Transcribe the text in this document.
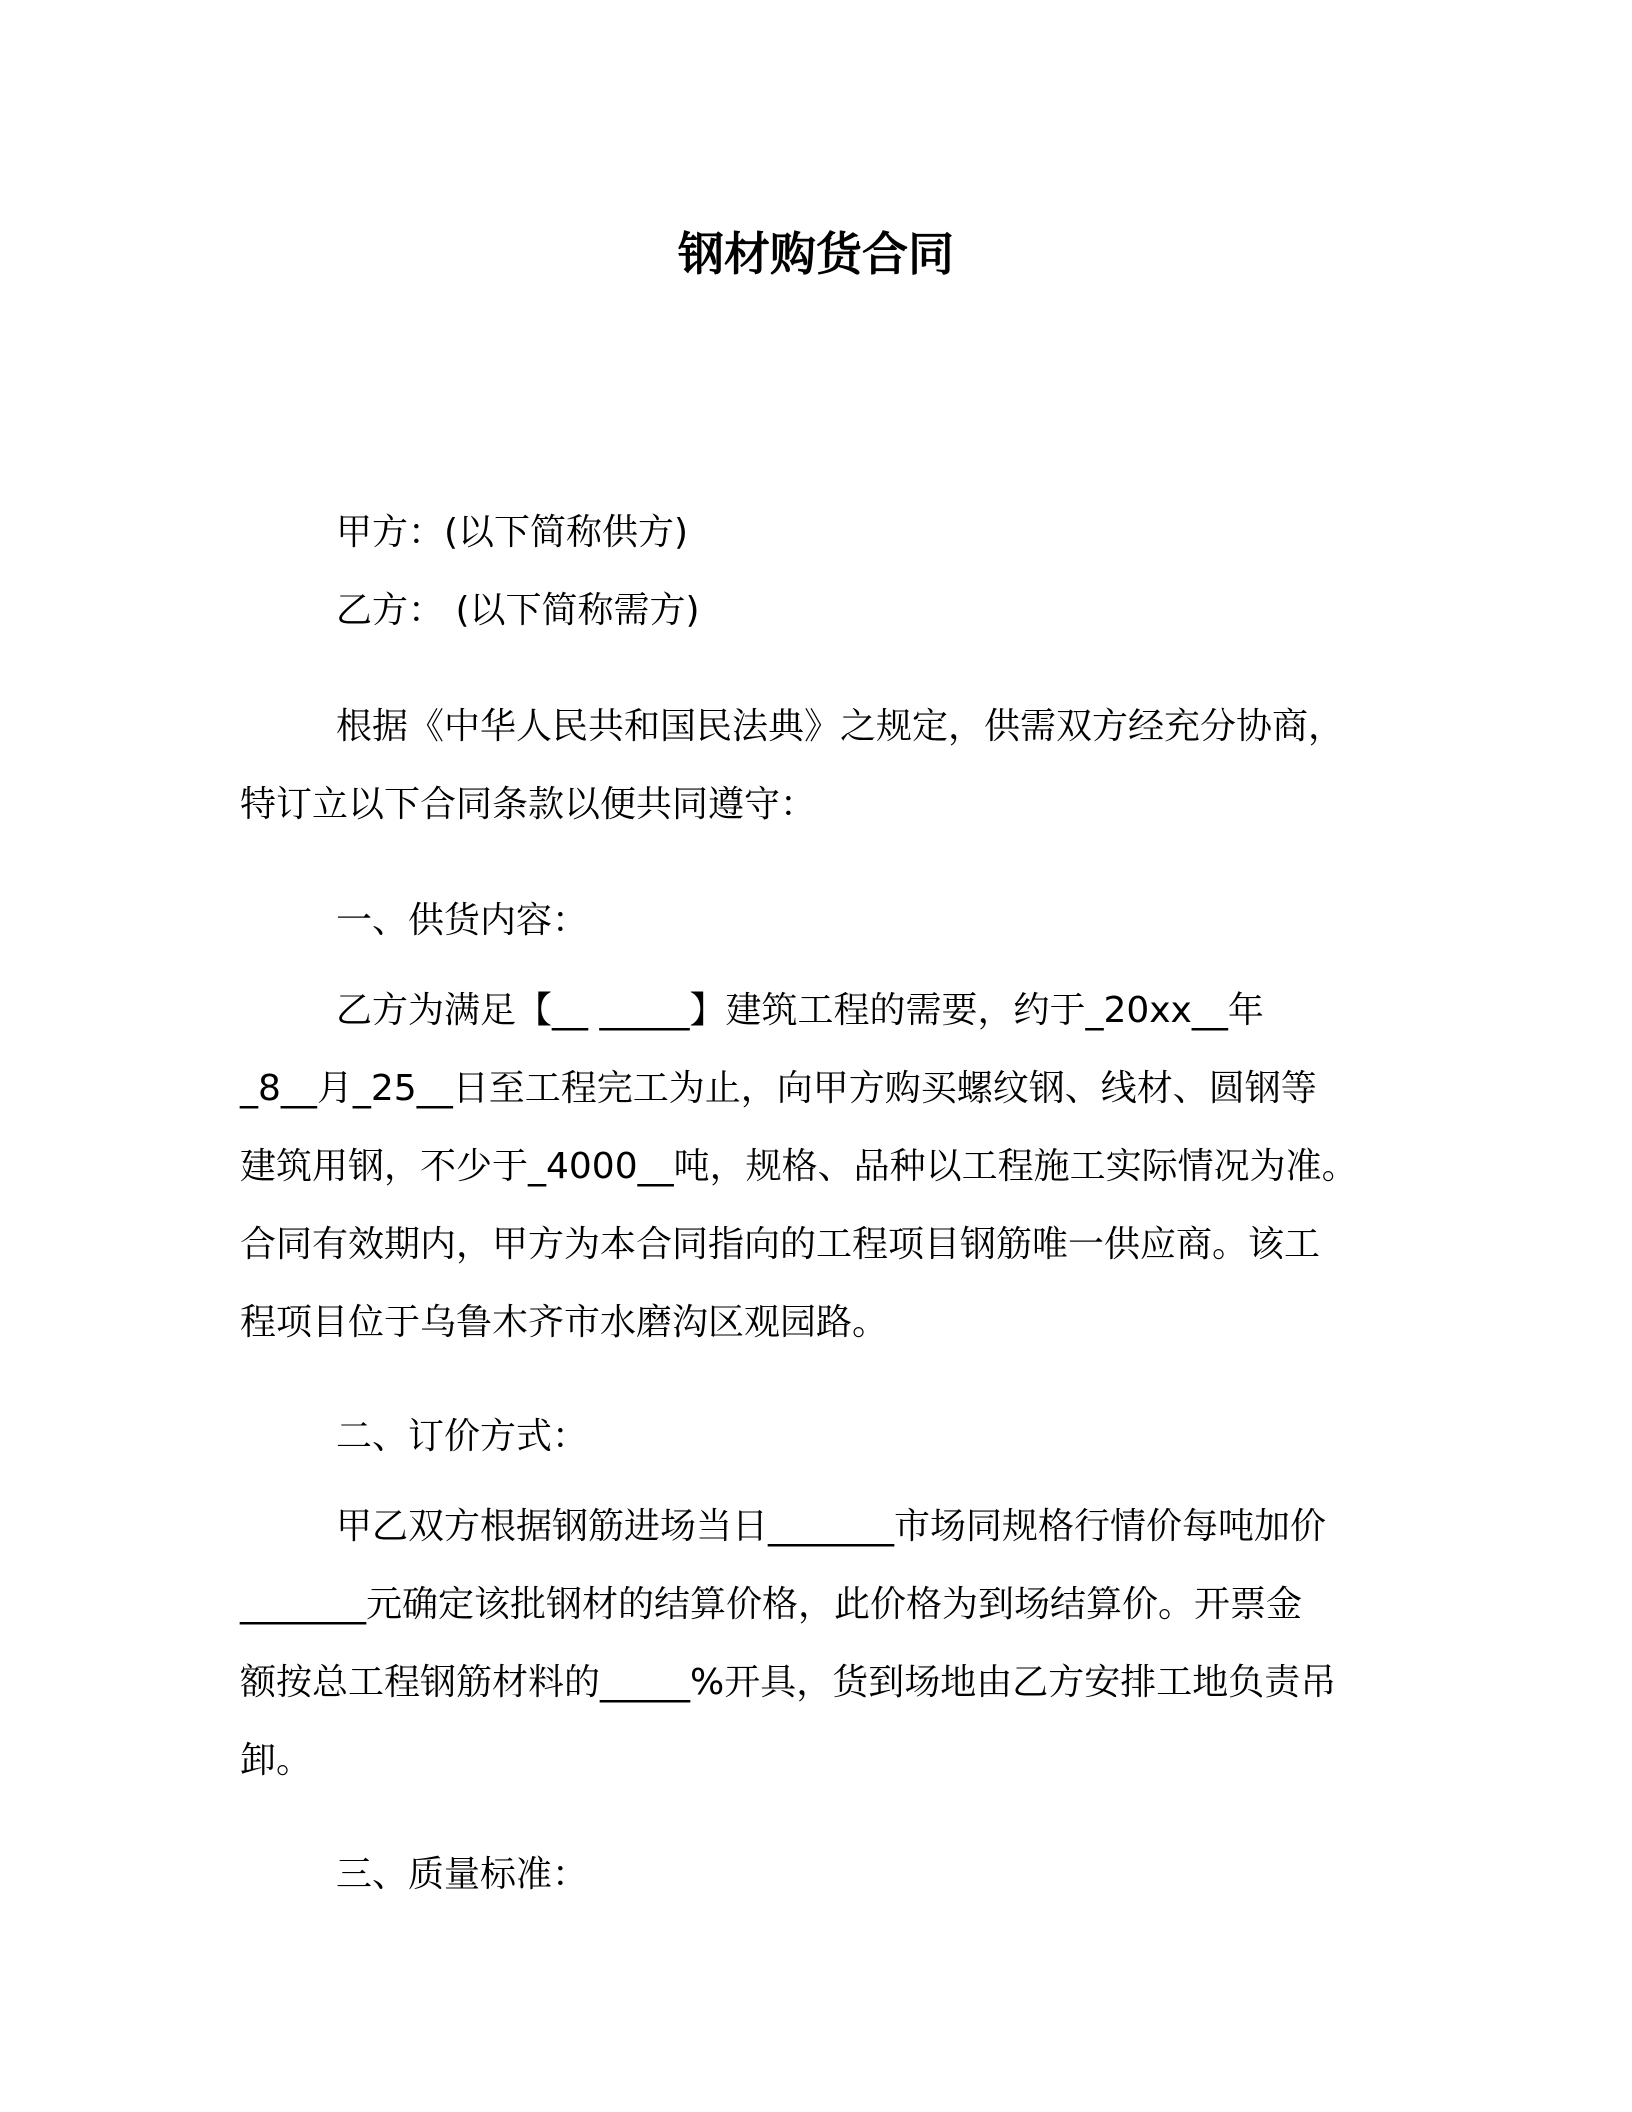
钢材购货合同
甲方：(以下简称供方)
乙方： (以下简称需方)
根据《中华人民共和国民法典》之规定，供需双方经充分协商，
特订立以下合同条款以便共同遵守：
一、供货内容：
乙方为满足【__ _____】建筑工程的需要，约于_20xx__年
_8__月_25__日至工程完工为止，向甲方购买螺纹钢、线材、圆钢等
建筑用钢，不少于_4000__吨，规格、品种以工程施工实际情况为准。
合同有效期内，甲方为本合同指向的工程项目钢筋唯一供应商。该工
程项目位于乌鲁木齐市水磨沟区观园路。
二、订价方式：
甲乙双方根据钢筋进场当日_______市场同规格行情价每吨加价
_______元确定该批钢材的结算价格，此价格为到场结算价。开票金
额按总工程钢筋材料的_____%开具，货到场地由乙方安排工地负责吊
卸。
三、质量标准：
